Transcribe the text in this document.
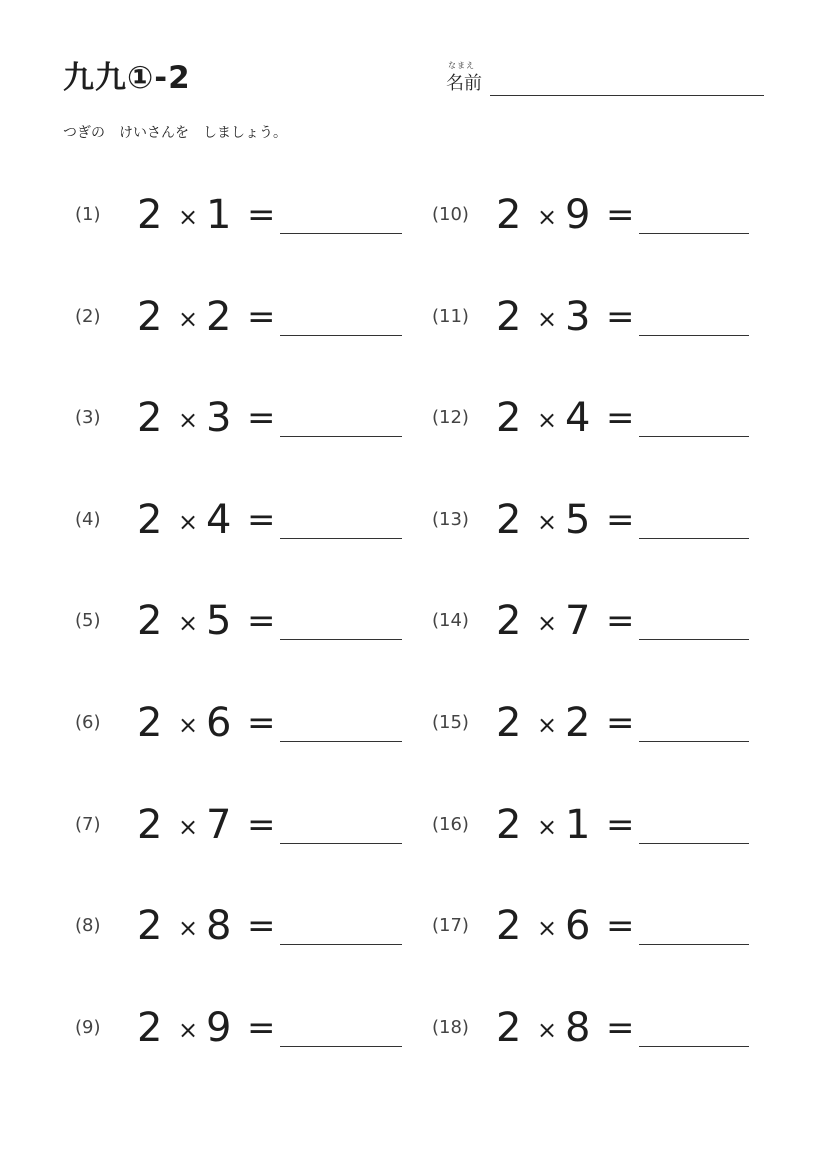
九九①-2	なまえ
名前
つぎの　けいさんを　しましょう。
(1) 2 × 1 =
(2) 2 × 2 =
(3) 2 × 3 =
(4) 2 × 4 =
(5) 2 × 5 =
(6) 2 × 6 =
(7) 2 × 7 =
(8) 2 × 8 =
(9) 2 × 9 =
(10) 2 × 9 =
(11) 2 × 3 =
(12) 2 × 4 =
(13) 2 × 5 =
(14) 2 × 7 =
(15) 2 × 2 =
(16) 2 × 1 =
(17) 2 × 6 =
(18) 2 × 8 =
